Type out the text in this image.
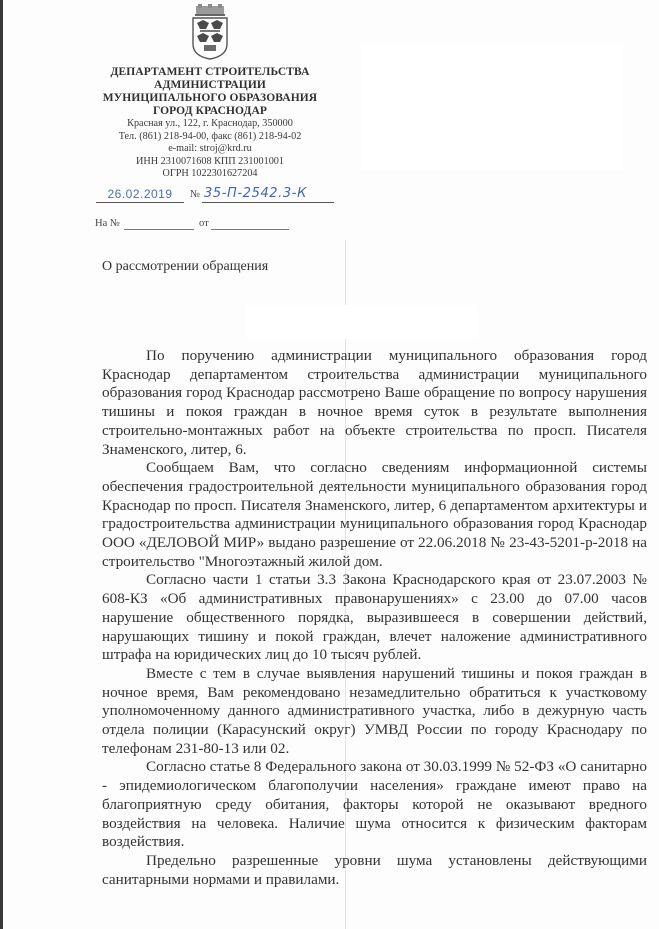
ДЕПАРТАМЕНТ СТРОИТЕЛЬСТВА
АДМИНИСТРАЦИИ
МУНИЦИПАЛЬНОГО ОБРАЗОВАНИЯ
ГОРОД КРАСНОДАР
Красная ул., 122, г. Краснодар, 350000
Тел. (861) 218-94-00, факс (861) 218-94-02
e-mail: stroj@krd.ru
ИНН 2310071608 КПП 231001001
ОГРН 1022301627204
26.02.2019	№ 35-П-2542.3-К
На №	от
О рассмотрении обращения

По поручению администрации муниципального образования город Краснодар департаментом строительства администрации муниципального образования город Краснодар рассмотрено Ваше обращение по вопросу нарушения тишины и покоя граждан в ночное время суток в результате выполнения строительно-монтажных работ на объекте строительства по просп. Писателя Знаменского, литер, 6.

Сообщаем Вам, что согласно сведениям информационной системы обеспечения градостроительной деятельности муниципального образования город Краснодар по просп. Писателя Знаменского, литер, 6 департаментом архитектуры и градостроительства администрации муниципального образования город Краснодар ООО «ДЕЛОВОЙ МИР» выдано разрешение от 22.06.2018 № 23-43-5201-р-2018 на строительство "Многоэтажный жилой дом.

Согласно части 1 статьи 3.3 Закона Краснодарского края от 23.07.2003 № 608-КЗ «Об административных правонарушениях» с 23.00 до 07.00 часов нарушение общественного порядка, выразившееся в совершении действий, нарушающих тишину и покой граждан, влечет наложение административного штрафа на юридических лиц до 10 тысяч рублей.

Вместе с тем в случае выявления нарушений тишины и покоя граждан в ночное время, Вам рекомендовано незамедлительно обратиться к участковому уполномоченному данного административного участка, либо в дежурную часть отдела полиции (Карасунский округ) УМВД России по городу Краснодару по телефонам 231-80-13 или 02.

Согласно статье 8 Федерального закона от 30.03.1999 № 52-ФЗ «О санитарно - эпидемиологическом благополучии населения» граждане имеют право на благоприятную среду обитания, факторы которой не оказывают вредного воздействия на человека. Наличие шума относится к физическим факторам воздействия.

Предельно разрешенные уровни шума установлены действующими санитарными нормами и правилами.
